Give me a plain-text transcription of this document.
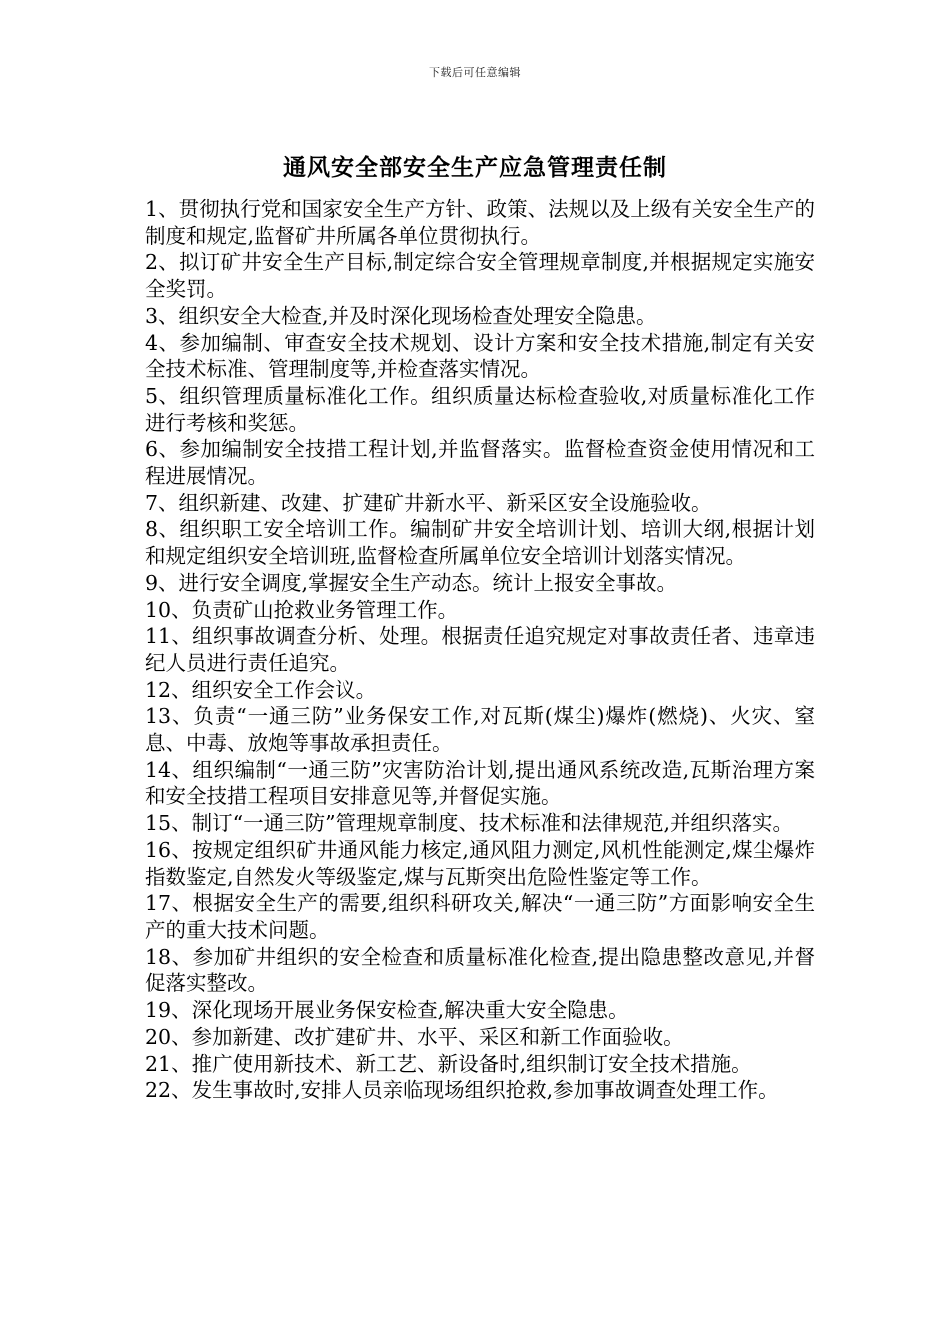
下载后可任意编辑
通风安全部安全生产应急管理责任制
1、贯彻执行党和国家安全生产方针、政策、法规以及上级有关安全生产的制度和规定,监督矿井所属各单位贯彻执行。
2、拟订矿井安全生产目标,制定综合安全管理规章制度,并根据规定实施安全奖罚。
3、组织安全大检查,并及时深化现场检查处理安全隐患。
4、参加编制、审查安全技术规划、设计方案和安全技术措施,制定有关安全技术标准、管理制度等,并检查落实情况。
5、组织管理质量标准化工作。组织质量达标检查验收,对质量标准化工作进行考核和奖惩。
6、参加编制安全技措工程计划,并监督落实。监督检查资金使用情况和工程进展情况。
7、组织新建、改建、扩建矿井新水平、新采区安全设施验收。
8、组织职工安全培训工作。编制矿井安全培训计划、培训大纲,根据计划和规定组织安全培训班,监督检查所属单位安全培训计划落实情况。
9、进行安全调度,掌握安全生产动态。统计上报安全事故。
10、负责矿山抢救业务管理工作。
11、组织事故调查分析、处理。根据责任追究规定对事故责任者、违章违纪人员进行责任追究。
12、组织安全工作会议。
13、负责“一通三防”业务保安工作,对瓦斯(煤尘)爆炸(燃烧)、火灾、窒息、中毒、放炮等事故承担责任。
14、组织编制“一通三防”灾害防治计划,提出通风系统改造,瓦斯治理方案和安全技措工程项目安排意见等,并督促实施。
15、制订“一通三防”管理规章制度、技术标准和法律规范,并组织落实。
16、按规定组织矿井通风能力核定,通风阻力测定,风机性能测定,煤尘爆炸指数鉴定,自然发火等级鉴定,煤与瓦斯突出危险性鉴定等工作。
17、根据安全生产的需要,组织科研攻关,解决“一通三防”方面影响安全生产的重大技术问题。
18、参加矿井组织的安全检查和质量标准化检查,提出隐患整改意见,并督促落实整改。
19、深化现场开展业务保安检查,解决重大安全隐患。
20、参加新建、改扩建矿井、水平、采区和新工作面验收。
21、推广使用新技术、新工艺、新设备时,组织制订安全技术措施。
22、发生事故时,安排人员亲临现场组织抢救,参加事故调查处理工作。
